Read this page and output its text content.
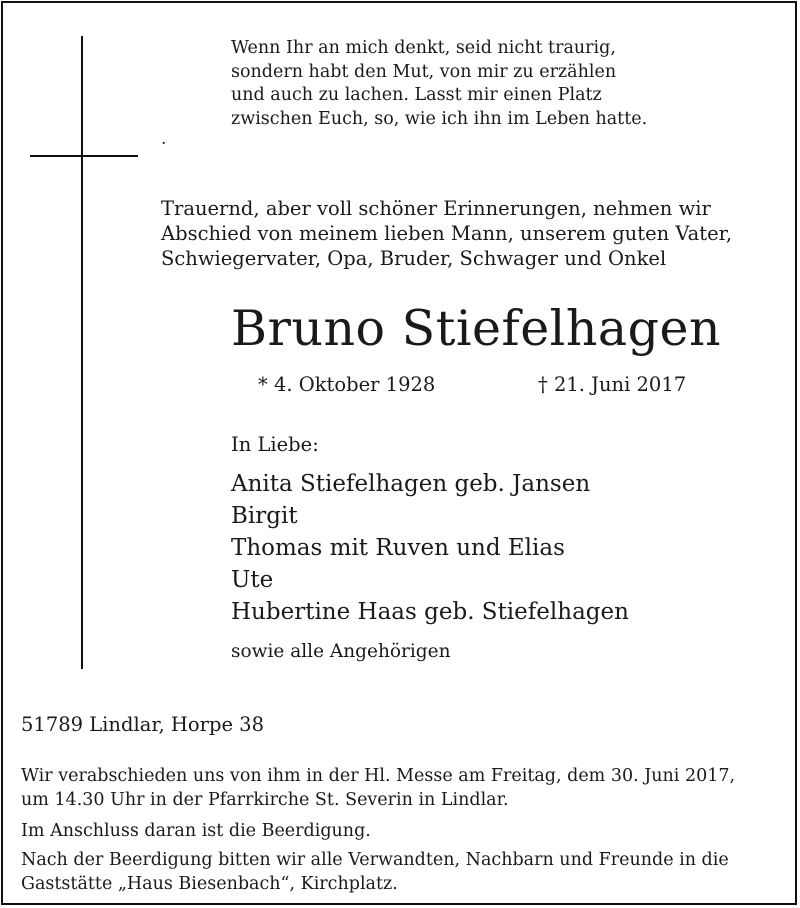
Wenn Ihr an mich denkt, seid nicht traurig,
sondern habt den Mut, von mir zu erzählen
und auch zu lachen. Lasst mir einen Platz
zwischen Euch, so, wie ich ihn im Leben hatte.
.
Trauernd, aber voll schöner Erinnerungen, nehmen wir
Abschied von meinem lieben Mann, unserem guten Vater,
Schwiegervater, Opa, Bruder, Schwager und Onkel
Bruno Stiefelhagen
* 4. Oktober 1928	† 21. Juni 2017
In Liebe:
Anita Stiefelhagen geb. Jansen
Birgit
Thomas mit Ruven und Elias
Ute
Hubertine Haas geb. Stiefelhagen
sowie alle Angehörigen
51789 Lindlar, Horpe 38
Wir verabschieden uns von ihm in der Hl. Messe am Freitag, dem 30. Juni 2017,
um 14.30 Uhr in der Pfarrkirche St. Severin in Lindlar.
Im Anschluss daran ist die Beerdigung.
Nach der Beerdigung bitten wir alle Verwandten, Nachbarn und Freunde in die
Gaststätte „Haus Biesenbach“, Kirchplatz.
